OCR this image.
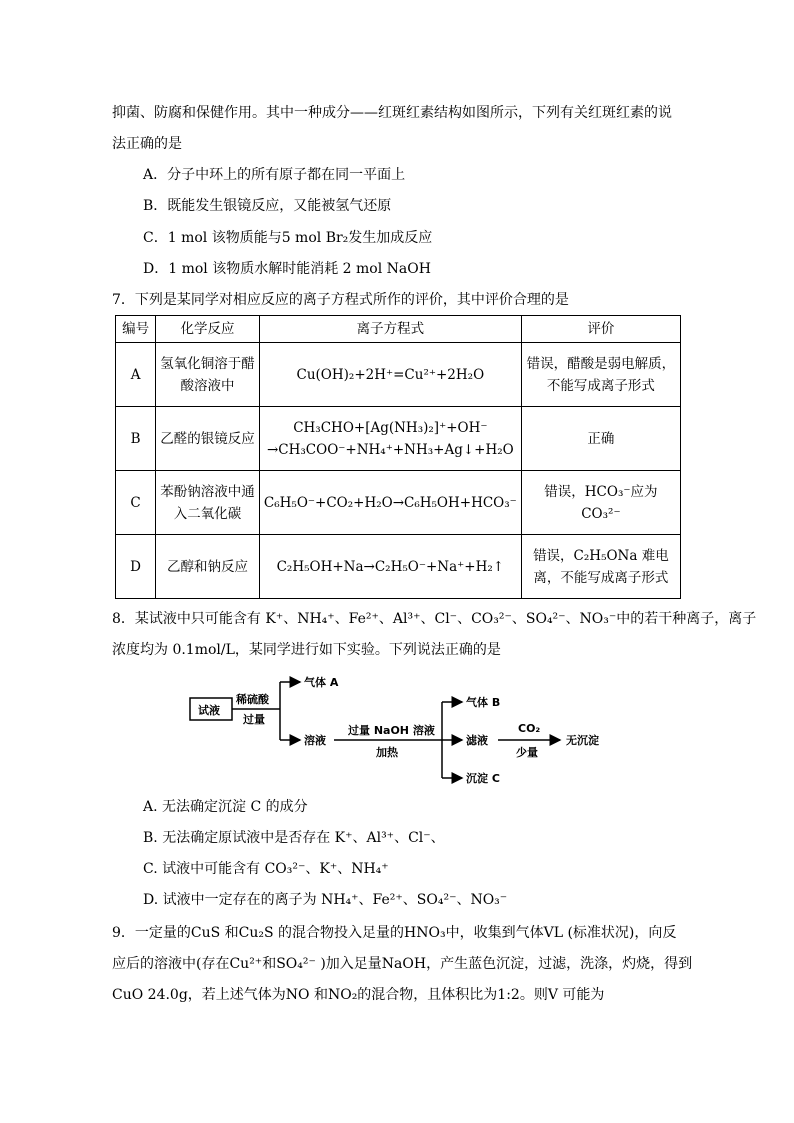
抑菌、防腐和保健作用。其中一种成分——红斑红素结构如图所示，下列有关红斑红素的说
法正确的是
A．分子中环上的所有原子都在同一平面上
B．既能发生银镜反应，又能被氢气还原
C．1 mol 该物质能与5 mol Br₂发生加成反应
D．1 mol 该物质水解时能消耗 2 mol NaOH
7．下列是某同学对相应反应的离子方程式所作的评价，其中评价合理的是
编号	化学反应	离子方程式	评价
A	氢氧化铜溶于醋酸溶液中	Cu(OH)₂+2H⁺=Cu²⁺+2H₂O	错误，醋酸是弱电解质，不能写成离子形式
B	乙醛的银镜反应	CH₃CHO+[Ag(NH₃)₂]⁺+OH⁻
→CH₃COO⁻+NH₄⁺+NH₃+Ag↓+H₂O	正确
C	苯酚钠溶液中通入二氧化碳	C₆H₅O⁻+CO₂+H₂O→C₆H₅OH+HCO₃⁻	错误，HCO₃⁻应为 CO₃²⁻
D	乙醇和钠反应	C₂H₅OH+Na→C₂H₅O⁻+Na⁺+H₂↑	错误，C₂H₅ONa 难电离，不能写成离子形式
8．某试液中只可能含有 K⁺、NH₄⁺、Fe²⁺、Al³⁺、Cl⁻、CO₃²⁻、SO₄²⁻、NO₃⁻中的若干种离子，离子
浓度均为 0.1mol/L，某同学进行如下实验。下列说法正确的是
试液
稀硫酸
过量
气体 A
溶液
过量 NaOH 溶液
加热
气体 B
滤液
沉淀 C
CO₂
少量
无沉淀
A. 无法确定沉淀 C 的成分
B. 无法确定原试液中是否存在 K⁺、Al³⁺、Cl⁻、
C. 试液中可能含有 CO₃²⁻、K⁺、NH₄⁺
D. 试液中一定存在的离子为 NH₄⁺、Fe²⁺、SO₄²⁻、NO₃⁻
9．一定量的CuS 和Cu₂S 的混合物投入足量的HNO₃中，收集到气体VL (标准状况)，向反
应后的溶液中(存在Cu²⁺和SO₄²⁻ )加入足量NaOH，产生蓝色沉淀，过滤，洗涤，灼烧，得到
CuO 24.0g，若上述气体为NO 和NO₂的混合物，且体积比为1:2。则V 可能为
